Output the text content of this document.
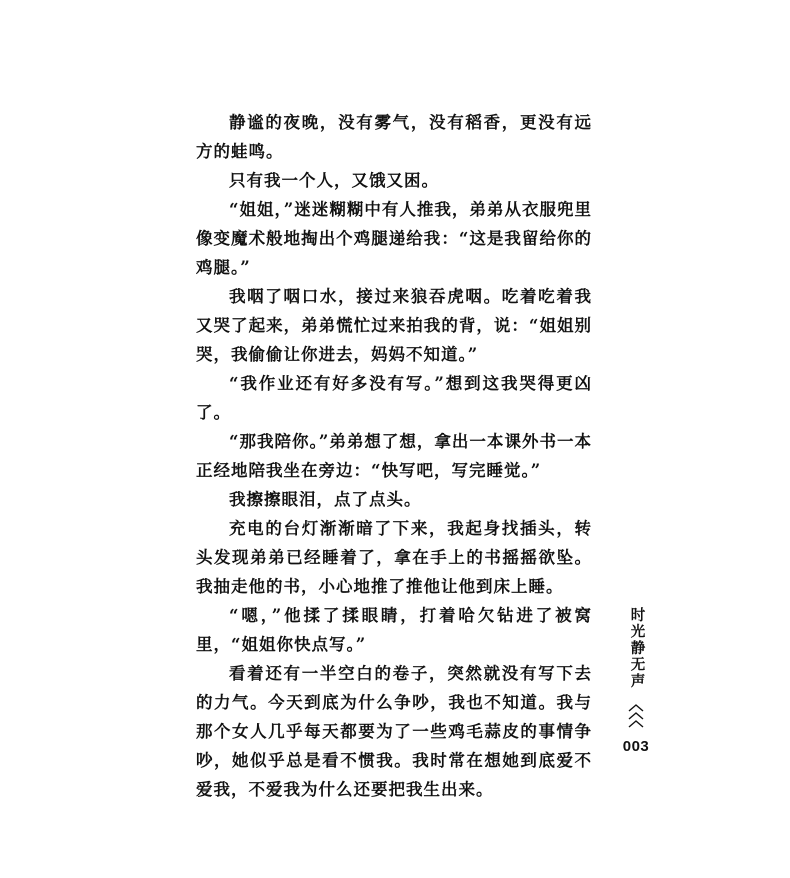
静谧的夜晚，没有雾气，没有稻香，更没有远方的蛙鸣。

只有我一个人，又饿又困。

“姐姐，”迷迷糊糊中有人推我，弟弟从衣服兜里像变魔术般地掏出个鸡腿递给我：“这是我留给你的鸡腿。”

我咽了咽口水，接过来狼吞虎咽。吃着吃着我又哭了起来，弟弟慌忙过来拍我的背，说：“姐姐别哭，我偷偷让你进去，妈妈不知道。”

“我作业还有好多没有写。”想到这我哭得更凶了。

“那我陪你。”弟弟想了想，拿出一本课外书一本正经地陪我坐在旁边：“快写吧，写完睡觉。”

我擦擦眼泪，点了点头。

充电的台灯渐渐暗了下来，我起身找插头，转头发现弟弟已经睡着了，拿在手上的书摇摇欲坠。我抽走他的书，小心地推了推他让他到床上睡。

“嗯，”他揉了揉眼睛，打着哈欠钻进了被窝里，“姐姐你快点写。”

看着还有一半空白的卷子，突然就没有写下去的力气。今天到底为什么争吵，我也不知道。我与那个女人几乎每天都要为了一些鸡毛蒜皮的事情争吵，她似乎总是看不惯我。我时常在想她到底爱不爱我，不爱我为什么还要把我生出来。

时光静无声
003
